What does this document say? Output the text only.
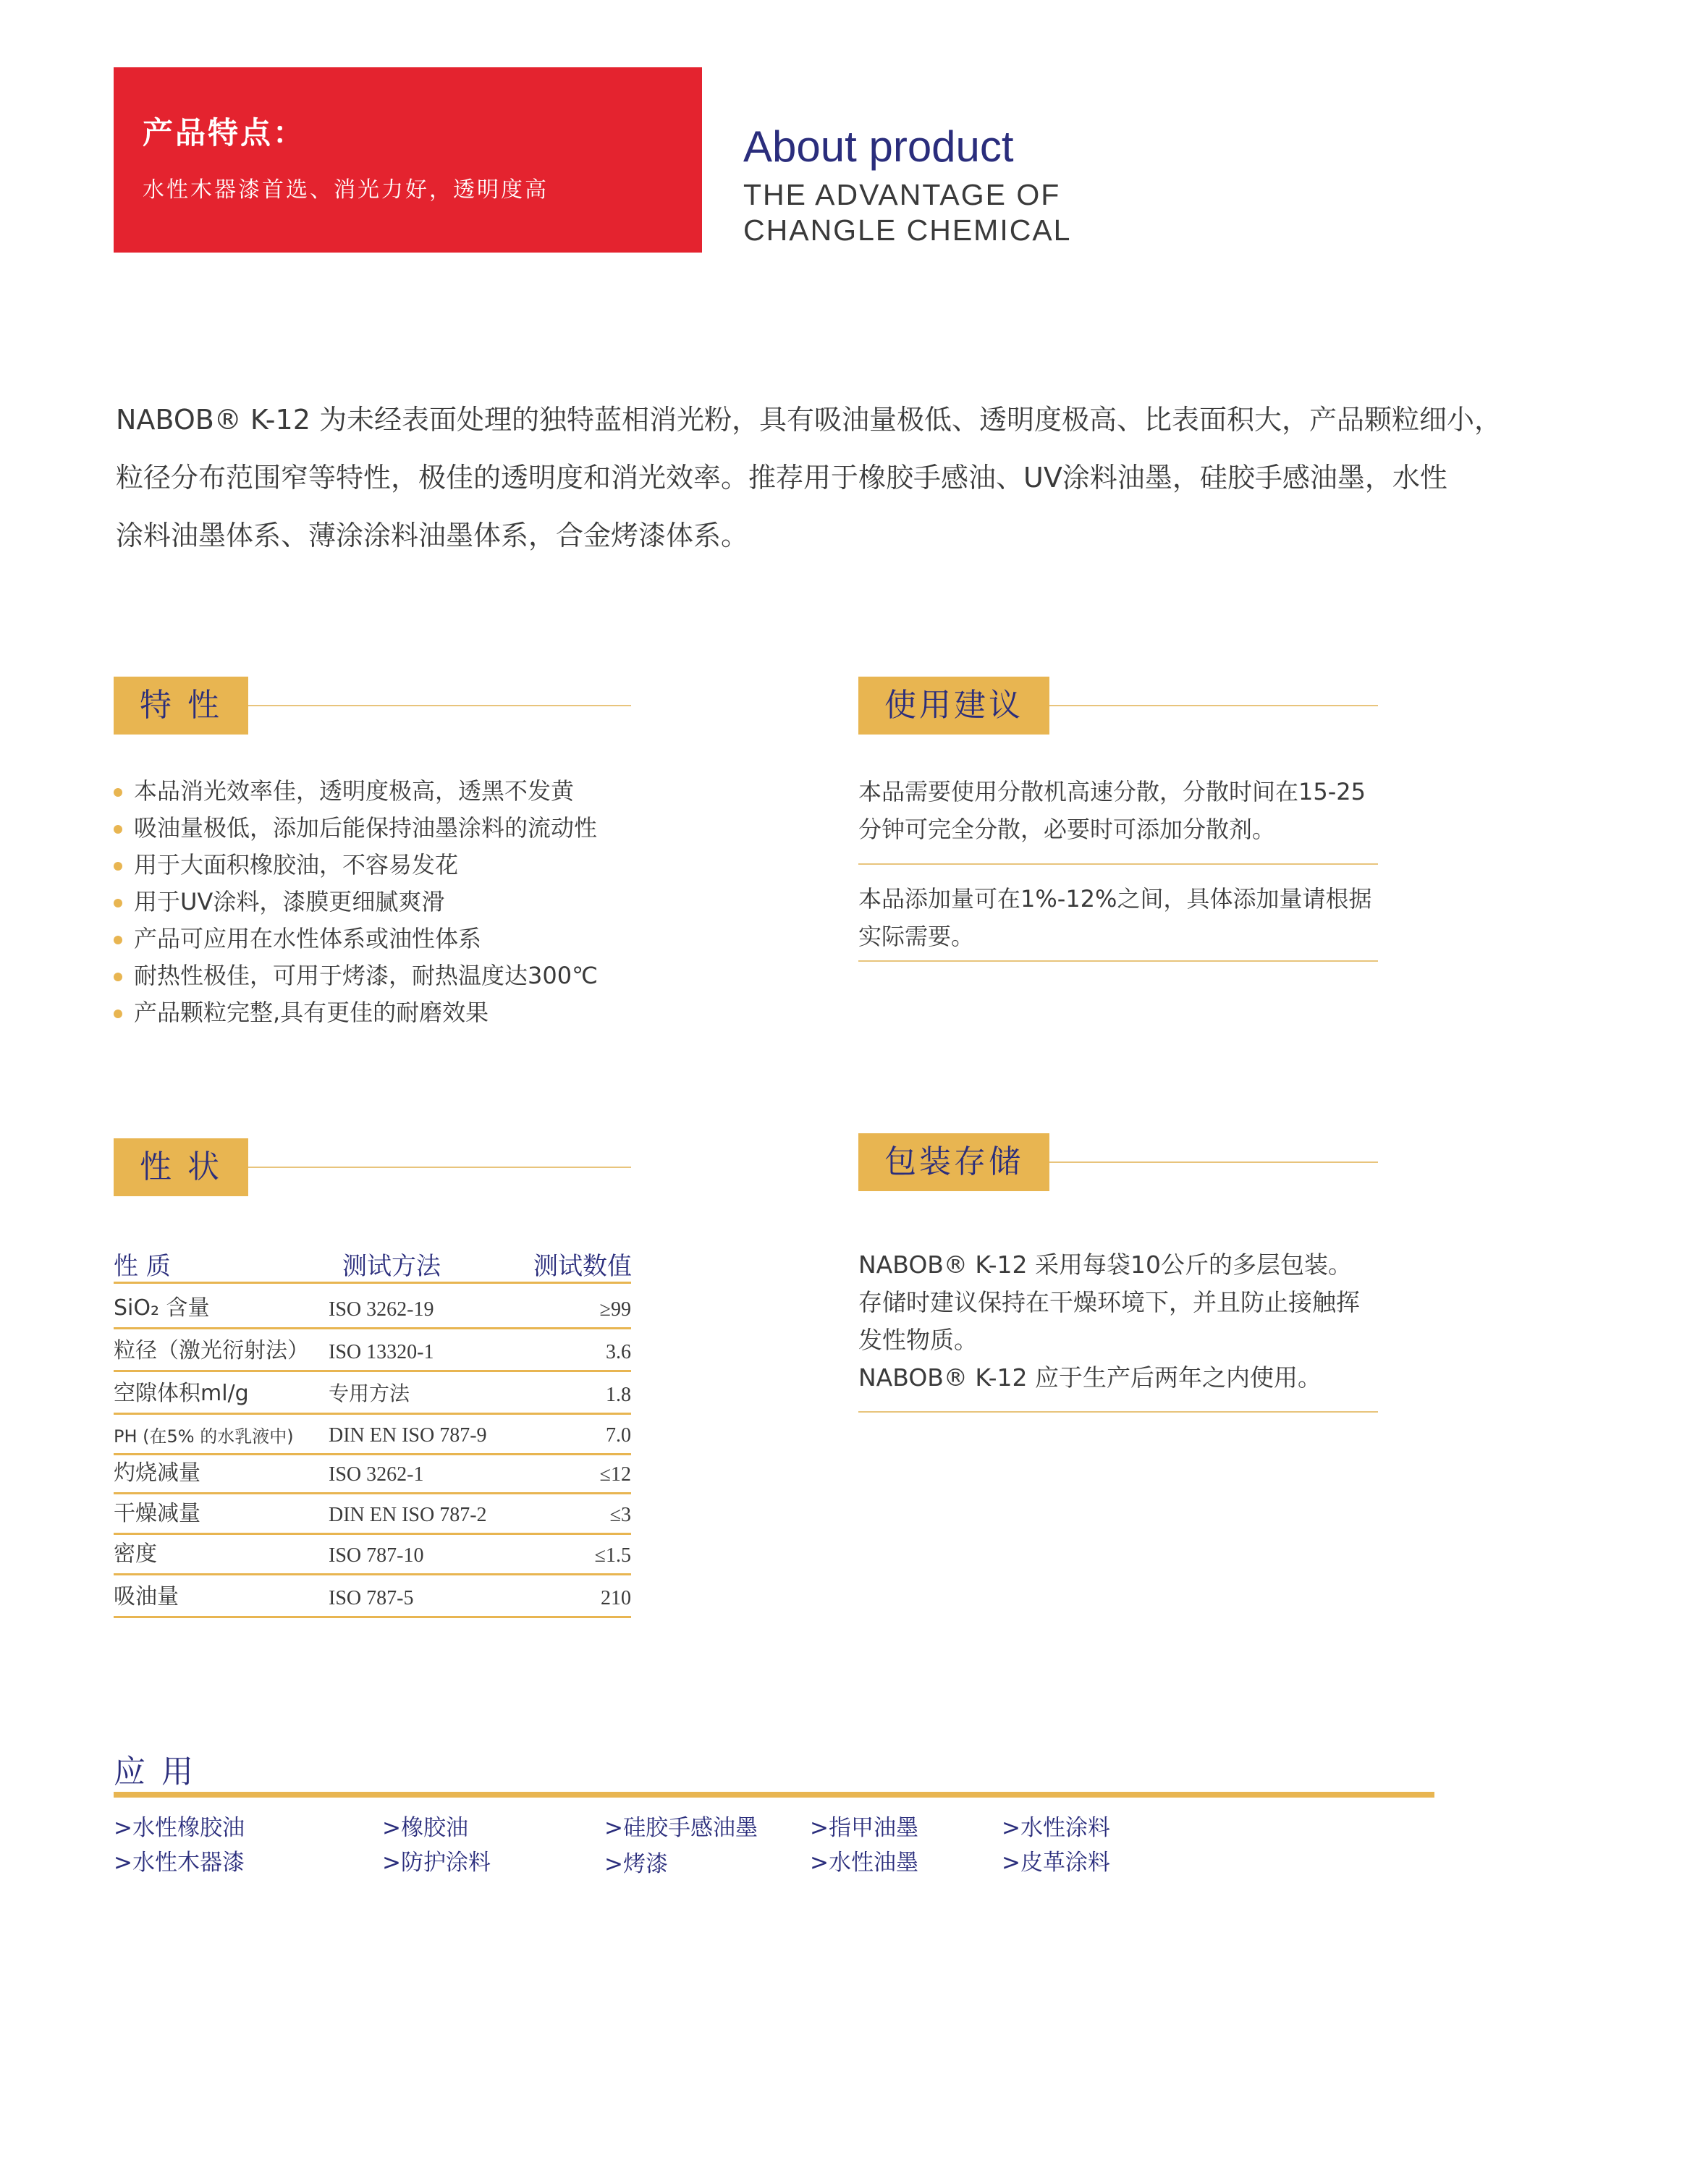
产品特点：
水性木器漆首选、消光力好，透明度高
About product
THE ADVANTAGE OF
CHANGLE CHEMICAL

NABOB® K-12 为未经表面处理的独特蓝相消光粉，具有吸油量极低、透明度极高、比表面积大，产品颗粒细小，

粒径分布范围窄等特性，极佳的透明度和消光效率。推荐用于橡胶手感油、UV涂料油墨，硅胶手感油墨，水性

涂料油墨体系、薄涂涂料油墨体系，合金烤漆体系。

特 性
本品消光效率佳，透明度极高，透黑不发黄
吸油量极低，添加后能保持油墨涂料的流动性
用于大面积橡胶油，不容易发花
用于UV涂料，漆膜更细腻爽滑
产品可应用在水性体系或油性体系
耐热性极佳，可用于烤漆，耐热温度达300℃
产品颗粒完整,具有更佳的耐磨效果
使用建议
本品需要使用分散机高速分散，分散时间在15-25
分钟可完全分散，必要时可添加分散剂。
本品添加量可在1%-12%之间，具体添加量请根据
实际需要。
性 状
性 质	测试方法	测试数值
SiO₂ 含量	ISO 3262-19	≥99
粒径（激光衍射法） ISO 13320-1	3.6
空隙体积ml/g	专用方法	1.8
PH (在5% 的水乳液中) DIN EN ISO 787-9	7.0
灼烧减量	ISO 3262-1	≤12
干燥减量	DIN EN ISO 787-2	≤3
密度	ISO 787-10	≤1.5
吸油量	ISO 787-5	210
包装存储

NABOB® K-12 采用每袋10公斤的多层包装。

存储时建议保持在干燥环境下，并且防止接触挥

发性物质。

NABOB® K-12 应于生产后两年之内使用。

应 用
>水性橡胶油	>橡胶油	>硅胶手感油墨 >指甲油墨	>水性涂料
>水性木器漆	>防护涂料	>烤漆	>水性油墨	>皮革涂料
